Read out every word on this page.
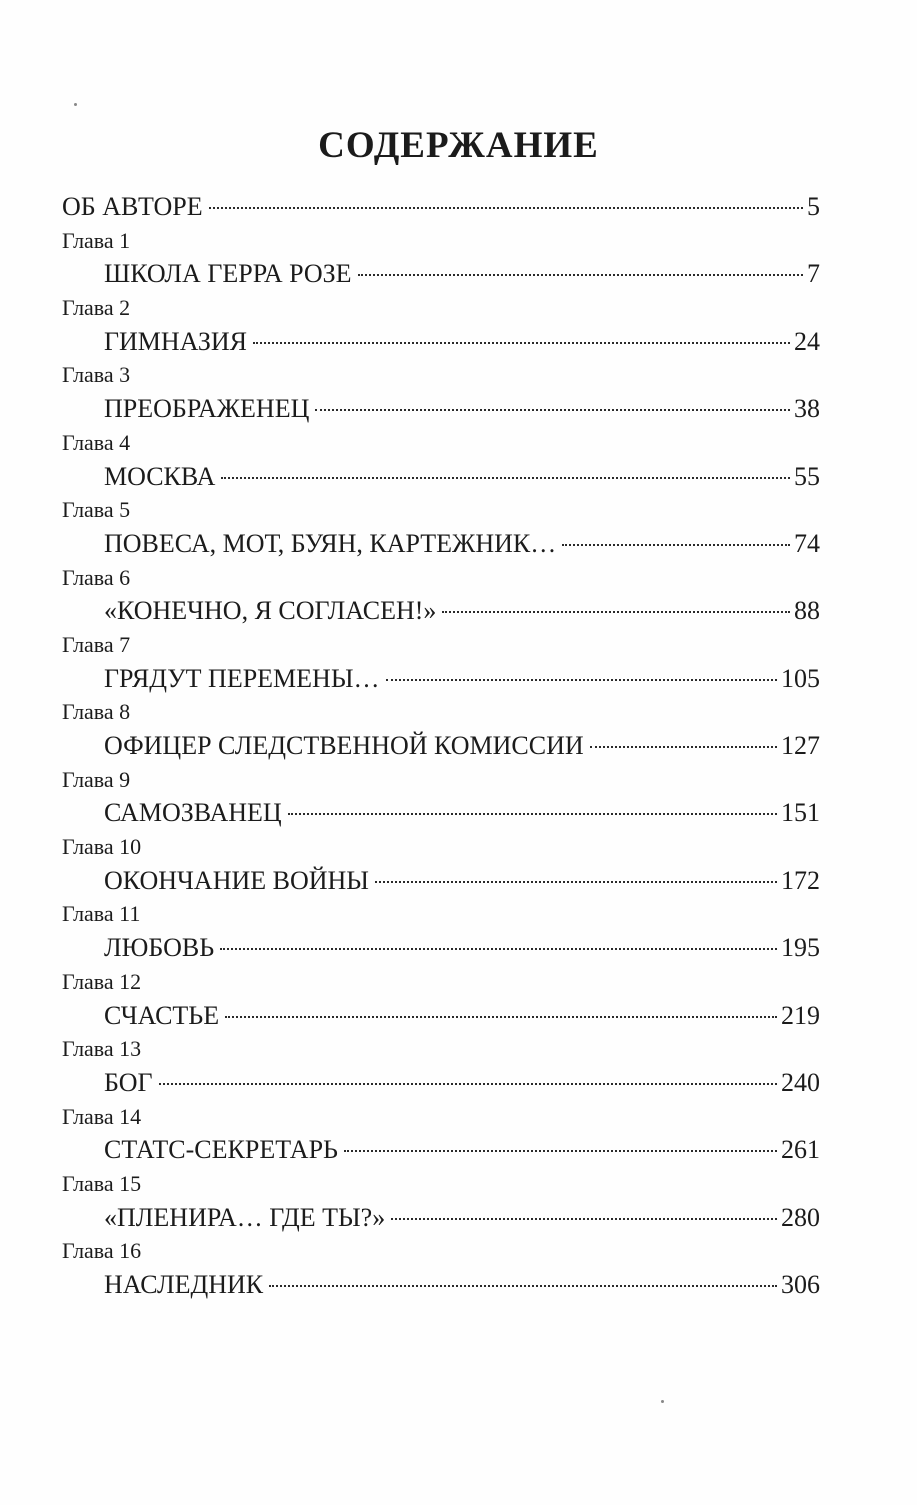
СОДЕРЖАНИЕ
ОБ АВТОРЕ	5
Глава 1
ШКОЛА ГЕРРА РОЗЕ	7
Глава 2
ГИМНАЗИЯ	24
Глава 3
ПРЕОБРАЖЕНЕЦ	38
Глава 4
МОСКВА	55
Глава 5
ПОВЕСА, МОТ, БУЯН, КАРТЕЖНИК…	74
Глава 6
«КОНЕЧНО, Я СОГЛАСЕН!»	88
Глава 7
ГРЯДУТ ПЕРЕМЕНЫ…	105
Глава 8
ОФИЦЕР СЛЕДСТВЕННОЙ КОМИССИИ	127
Глава 9
САМОЗВАНЕЦ	151
Глава 10
ОКОНЧАНИЕ ВОЙНЫ	172
Глава 11
ЛЮБОВЬ	195
Глава 12
СЧАСТЬЕ	219
Глава 13
БОГ	240
Глава 14
СТАТС-СЕКРЕТАРЬ	261
Глава 15
«ПЛЕНИРА… ГДЕ ТЫ?»	280
Глава 16
НАСЛЕДНИК	306
